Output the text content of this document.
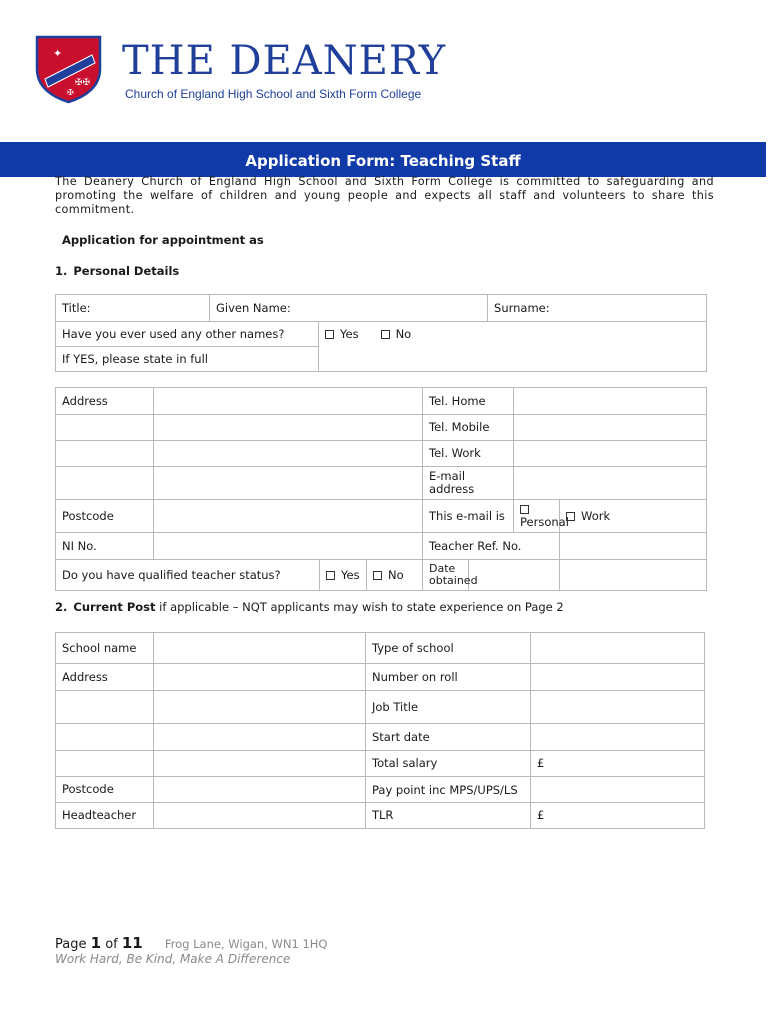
✦
✠✠
✠
THE DEANERY
Church of England High School and Sixth Form College
Application Form: Teaching Staff
The Deanery Church of England High School and Sixth Form College is committed to safeguarding and promoting the welfare of children and young people and expects all staff and volunteers to share this commitment.
Application for appointment as
1. Personal Details
Title:	Given Name:		Surname:
Have you ever used any other names?		Yes No	
If YES, please state in full			
Address				Tel. Home			
				Tel. Mobile			
				Tel. Work			
				E-mail address			
Postcode				This e-mail is		Personal	Work
NI No.				Teacher Ref. No.			
Do you have qualified teacher status?		Yes	No	Date obtained			
2. Current Post if applicable – NQT applicants may wish to state experience on Page 2
School name		Type of school	
Address		Number on roll	
		Job Title	
		Start date	
		Total salary	£
Postcode		Pay point inc MPS/UPS/LS	
Headteacher		TLR	£
Page 1 of 11 Frog Lane, Wigan, WN1 1HQ
Work Hard, Be Kind, Make A Difference
